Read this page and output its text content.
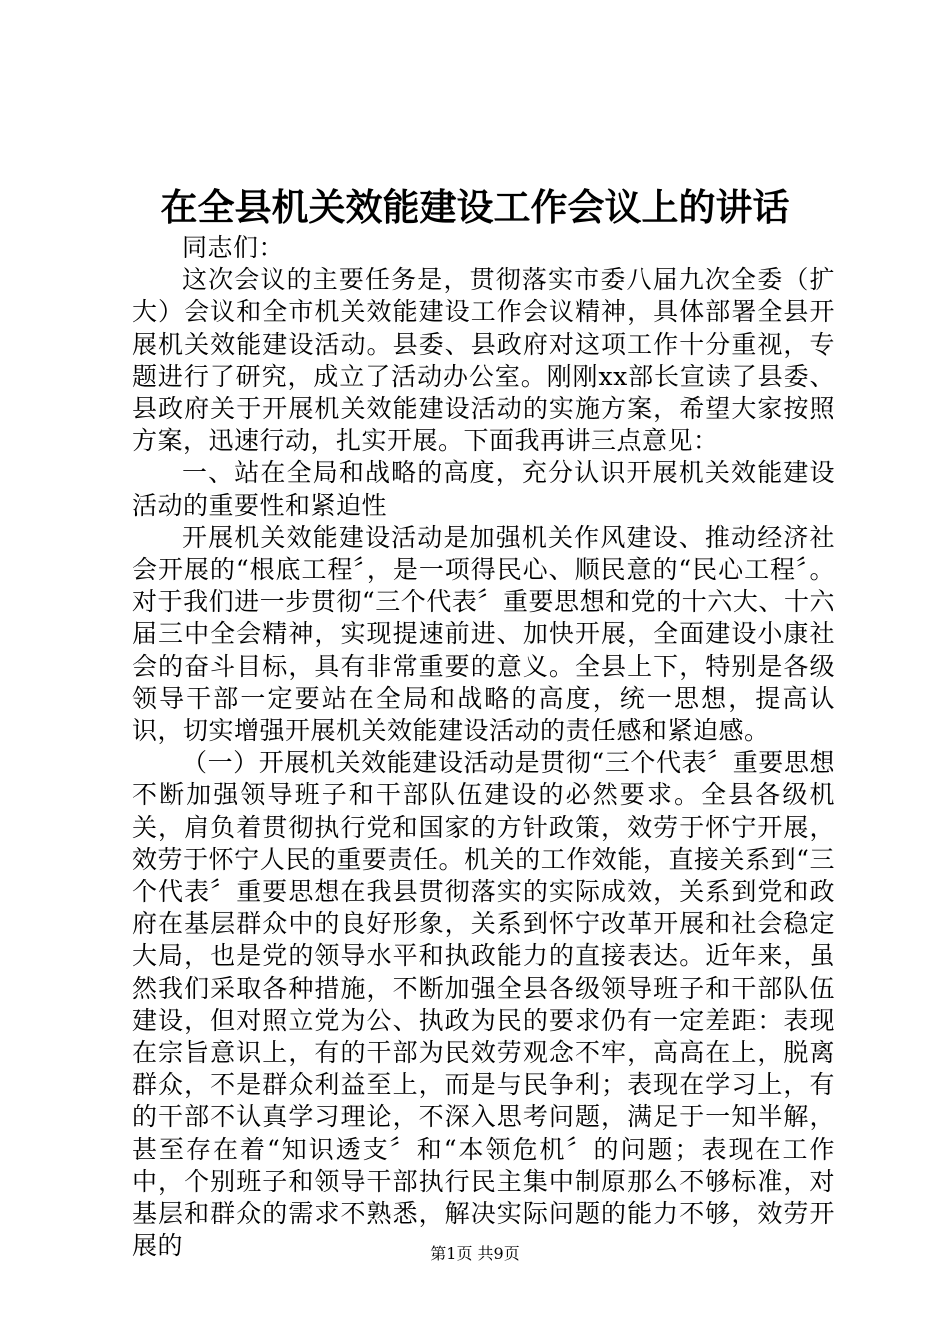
在全县机关效能建设工作会议上的讲话

同志们：

这次会议的主要任务是，贯彻落实市委八届九次全委（扩大）会议和全市机关效能建设工作会议精神，具体部署全县开展机关效能建设活动。县委、县政府对这项工作十分重视，专题进行了研究，成立了活动办公室。刚刚xx部长宣读了县委、县政府关于开展机关效能建设活动的实施方案，希望大家按照方案，迅速行动，扎实开展。下面我再讲三点意见：

一、站在全局和战略的高度，充分认识开展机关效能建设活动的重要性和紧迫性

开展机关效能建设活动是加强机关作风建设、推动经济社会开展的“根底工程〞，是一项得民心、顺民意的“民心工程〞。对于我们进一步贯彻“三个代表〞重要思想和党的十六大、十六届三中全会精神，实现提速前进、加快开展，全面建设小康社会的奋斗目标，具有非常重要的意义。全县上下，特别是各级领导干部一定要站在全局和战略的高度，统一思想，提高认识，切实增强开展机关效能建设活动的责任感和紧迫感。

（一）开展机关效能建设活动是贯彻“三个代表〞重要思想不断加强领导班子和干部队伍建设的必然要求。全县各级机关，肩负着贯彻执行党和国家的方针政策，效劳于怀宁开展，效劳于怀宁人民的重要责任。机关的工作效能，直接关系到“三个代表〞重要思想在我县贯彻落实的实际成效，关系到党和政府在基层群众中的良好形象，关系到怀宁改革开展和社会稳定大局，也是党的领导水平和执政能力的直接表达。近年来，虽然我们采取各种措施，不断加强全县各级领导班子和干部队伍建设，但对照立党为公、执政为民的要求仍有一定差距：表现在宗旨意识上，有的干部为民效劳观念不牢，高高在上，脱离群众，不是群众利益至上，而是与民争利；表现在学习上，有的干部不认真学习理论，不深入思考问题，满足于一知半解，甚至存在着“知识透支〞和“本领危机〞的问题；表现在工作中，个别班子和领导干部执行民主集中制原那么不够标准，对基层和群众的需求不熟悉，解决实际问题的能力不够，效劳开展的	第1页 共9页
